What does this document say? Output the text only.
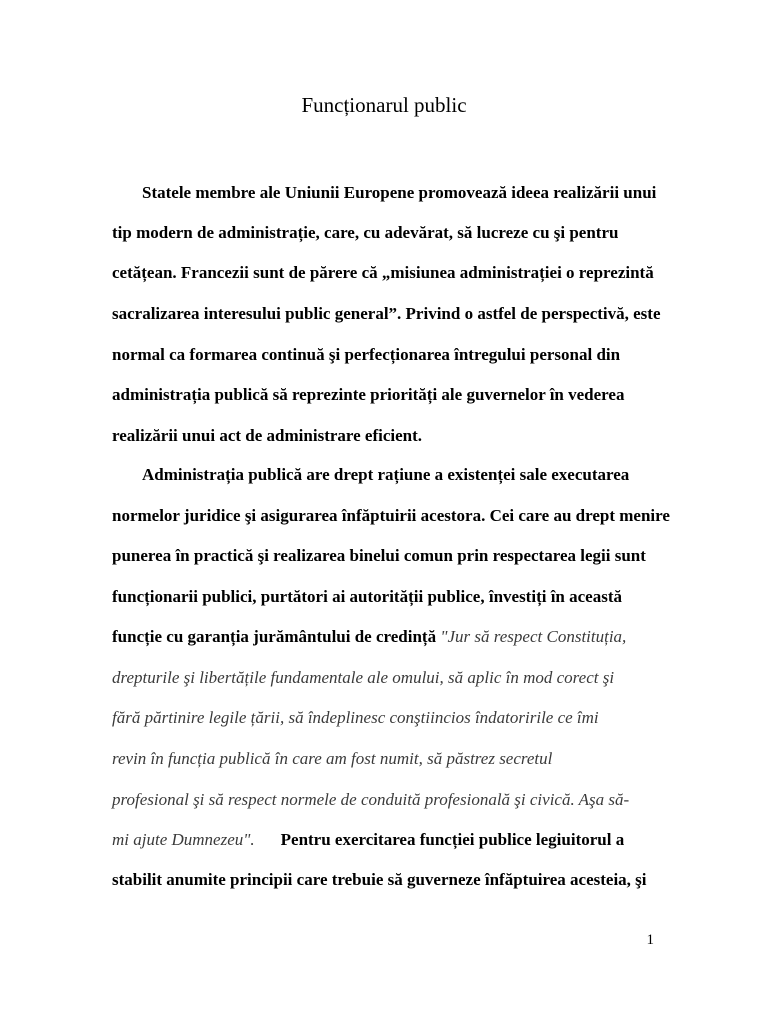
Funcționarul public

Statele membre ale Uniunii Europene promovează ideea realizării unui

tip modern de administrație, care, cu adevărat, să lucreze cu şi pentru

cetățean. Francezii sunt de părere că „misiunea administrației o reprezintă

sacralizarea interesului public general”. Privind o astfel de perspectivă, este

normal ca formarea continuă şi perfecționarea întregului personal din

administrația publică să reprezinte priorități ale guvernelor în vederea

realizării unui act de administrare eficient.

Administrația publică are drept rațiune a existenței sale executarea

normelor juridice şi asigurarea înfăptuirii acestora. Cei care au drept menire

punerea în practică şi realizarea binelui comun prin respectarea legii sunt

funcționarii publici, purtători ai autorității publice, învestiți în această

funcție cu garanția jurământului de credință "Jur să respect Constituția,

drepturile şi libertățile fundamentale ale omului, să aplic în mod corect şi

fără părtinire legile țării, să îndeplinesc conştiincios îndatoririle ce îmi

revin în funcția publică în care am fost numit, să păstrez secretul

profesional şi să respect normele de conduită profesională şi civică. Aşa să-

mi ajute Dumnezeu". Pentru exercitarea funcției publice legiuitorul a

stabilit anumite principii care trebuie să guverneze înfăptuirea acesteia, şi

1
